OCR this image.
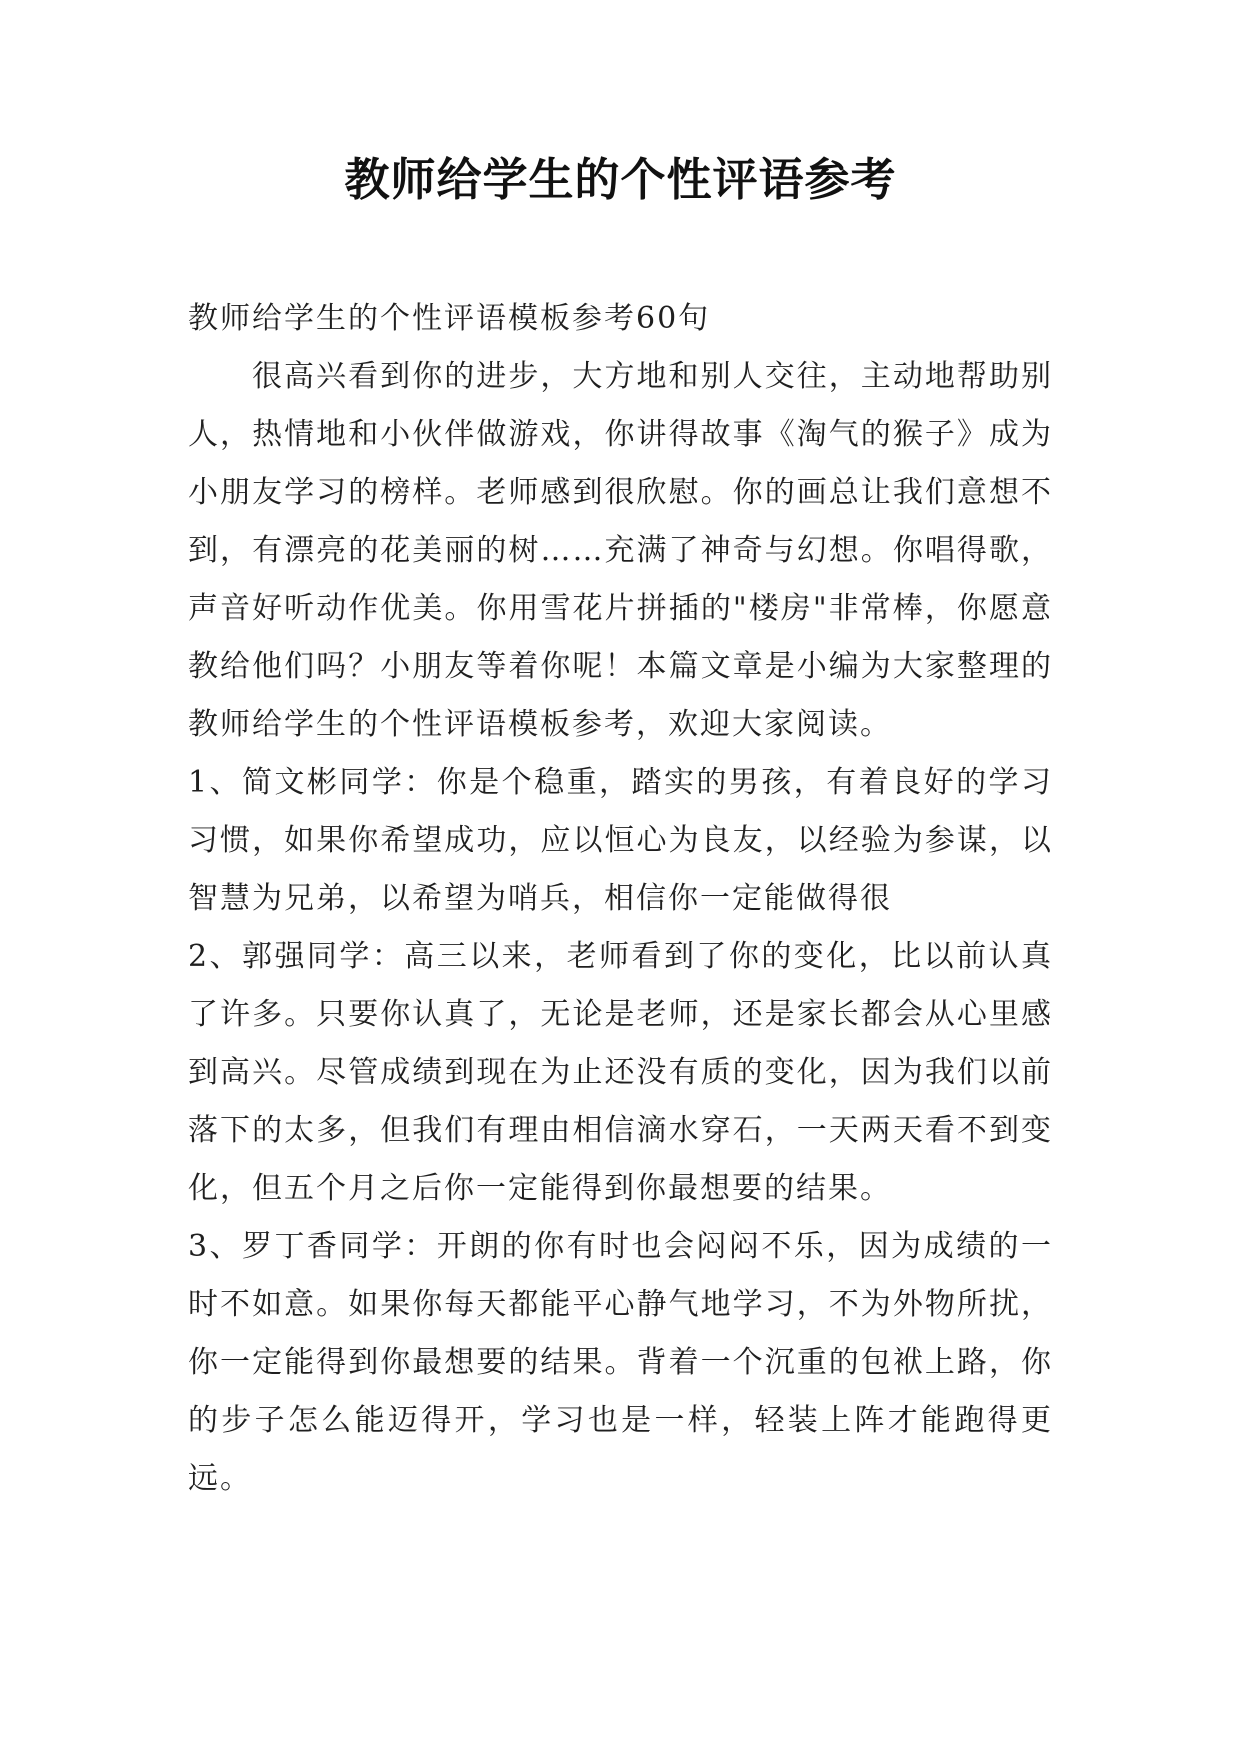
教师给学生的个性评语参考

教师给学生的个性评语模板参考60句

很高兴看到你的进步，大方地和别人交往，主动地帮助别人，热情地和小伙伴做游戏，你讲得故事《淘气的猴子》成为小朋友学习的榜样。老师感到很欣慰。你的画总让我们意想不到，有漂亮的花美丽的树……充满了神奇与幻想。你唱得歌，声音好听动作优美。你用雪花片拼插的"楼房"非常棒，你愿意教给他们吗？小朋友等着你呢！本篇文章是小编为大家整理的教师给学生的个性评语模板参考，欢迎大家阅读。

1、简文彬同学：你是个稳重，踏实的男孩，有着良好的学习习惯，如果你希望成功，应以恒心为良友，以经验为参谋，以智慧为兄弟，以希望为哨兵，相信你一定能做得很

2、郭强同学：高三以来，老师看到了你的变化，比以前认真了许多。只要你认真了，无论是老师，还是家长都会从心里感到高兴。尽管成绩到现在为止还没有质的变化，因为我们以前落下的太多，但我们有理由相信滴水穿石，一天两天看不到变化，但五个月之后你一定能得到你最想要的结果。

3、罗丁香同学：开朗的你有时也会闷闷不乐，因为成绩的一时不如意。如果你每天都能平心静气地学习，不为外物所扰，你一定能得到你最想要的结果。背着一个沉重的包袱上路，你的步子怎么能迈得开，学习也是一样，轻装上阵才能跑得更远。
